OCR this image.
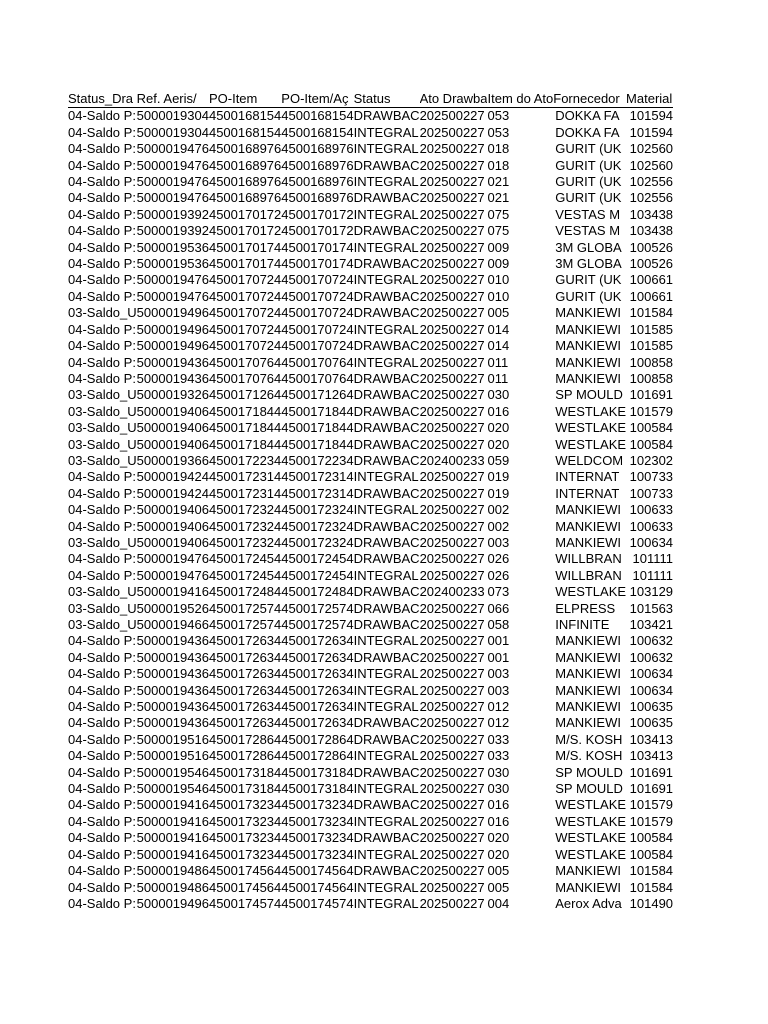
Status_Dra	Ref. Aeris/	PO-Item	PO-Item/Aç	Status	Ato Drawba	Item do Ato	Fornecedor	Material
04-Saldo P:	5000019304	4500168154	4500168154	DRAWBAC	202500227	053	DOKKA FA	101594
04-Saldo P:	5000019304	4500168154	4500168154	INTEGRAL	202500227	053	DOKKA FA	101594
04-Saldo P:	5000019476	4500168976	4500168976	INTEGRAL	202500227	018	GURIT (UK	102560
04-Saldo P:	5000019476	4500168976	4500168976	DRAWBAC	202500227	018	GURIT (UK	102560
04-Saldo P:	5000019476	4500168976	4500168976	INTEGRAL	202500227	021	GURIT (UK	102556
04-Saldo P:	5000019476	4500168976	4500168976	DRAWBAC	202500227	021	GURIT (UK	102556
04-Saldo P:	5000019392	4500170172	4500170172	INTEGRAL	202500227	075	VESTAS M	103438
04-Saldo P:	5000019392	4500170172	4500170172	DRAWBAC	202500227	075	VESTAS M	103438
04-Saldo P:	5000019536	4500170174	4500170174	INTEGRAL	202500227	009	3M GLOBA	100526
04-Saldo P:	5000019536	4500170174	4500170174	DRAWBAC	202500227	009	3M GLOBA	100526
04-Saldo P:	5000019476	4500170724	4500170724	INTEGRAL	202500227	010	GURIT (UK	100661
04-Saldo P:	5000019476	4500170724	4500170724	DRAWBAC	202500227	010	GURIT (UK	100661
03-Saldo_U	5000019496	4500170724	4500170724	DRAWBAC	202500227	005	MANKIEWI	101584
04-Saldo P:	5000019496	4500170724	4500170724	INTEGRAL	202500227	014	MANKIEWI	101585
04-Saldo P:	5000019496	4500170724	4500170724	DRAWBAC	202500227	014	MANKIEWI	101585
04-Saldo P:	5000019436	4500170764	4500170764	INTEGRAL	202500227	011	MANKIEWI	100858
04-Saldo P:	5000019436	4500170764	4500170764	DRAWBAC	202500227	011	MANKIEWI	100858
03-Saldo_U	5000019326	4500171264	4500171264	DRAWBAC	202500227	030	SP MOULD	101691
03-Saldo_U	5000019406	4500171844	4500171844	DRAWBAC	202500227	016	WESTLAKE	101579
03-Saldo_U	5000019406	4500171844	4500171844	DRAWBAC	202500227	020	WESTLAKE	100584
03-Saldo_U	5000019406	4500171844	4500171844	DRAWBAC	202500227	020	WESTLAKE	100584
03-Saldo_U	5000019366	4500172234	4500172234	DRAWBAC	202400233	059	WELDCOM	102302
04-Saldo P:	5000019424	4500172314	4500172314	INTEGRAL	202500227	019	INTERNAT	100733
04-Saldo P:	5000019424	4500172314	4500172314	DRAWBAC	202500227	019	INTERNAT	100733
04-Saldo P:	5000019406	4500172324	4500172324	INTEGRAL	202500227	002	MANKIEWI	100633
04-Saldo P:	5000019406	4500172324	4500172324	DRAWBAC	202500227	002	MANKIEWI	100633
03-Saldo_U	5000019406	4500172324	4500172324	DRAWBAC	202500227	003	MANKIEWI	100634
04-Saldo P:	5000019476	4500172454	4500172454	DRAWBAC	202500227	026	WILLBRAN	101111
04-Saldo P:	5000019476	4500172454	4500172454	INTEGRAL	202500227	026	WILLBRAN	101111
03-Saldo_U	5000019416	4500172484	4500172484	DRAWBAC	202400233	073	WESTLAKE	103129
03-Saldo_U	5000019526	4500172574	4500172574	DRAWBAC	202500227	066	ELPRESS	101563
03-Saldo_U	5000019466	4500172574	4500172574	DRAWBAC	202500227	058	INFINITE	103421
04-Saldo P:	5000019436	4500172634	4500172634	INTEGRAL	202500227	001	MANKIEWI	100632
04-Saldo P:	5000019436	4500172634	4500172634	DRAWBAC	202500227	001	MANKIEWI	100632
04-Saldo P:	5000019436	4500172634	4500172634	INTEGRAL	202500227	003	MANKIEWI	100634
04-Saldo P:	5000019436	4500172634	4500172634	INTEGRAL	202500227	003	MANKIEWI	100634
04-Saldo P:	5000019436	4500172634	4500172634	INTEGRAL	202500227	012	MANKIEWI	100635
04-Saldo P:	5000019436	4500172634	4500172634	DRAWBAC	202500227	012	MANKIEWI	100635
04-Saldo P:	5000019516	4500172864	4500172864	DRAWBAC	202500227	033	M/S. KOSH	103413
04-Saldo P:	5000019516	4500172864	4500172864	INTEGRAL	202500227	033	M/S. KOSH	103413
04-Saldo P:	5000019546	4500173184	4500173184	DRAWBAC	202500227	030	SP MOULD	101691
04-Saldo P:	5000019546	4500173184	4500173184	INTEGRAL	202500227	030	SP MOULD	101691
04-Saldo P:	5000019416	4500173234	4500173234	DRAWBAC	202500227	016	WESTLAKE	101579
04-Saldo P:	5000019416	4500173234	4500173234	INTEGRAL	202500227	016	WESTLAKE	101579
04-Saldo P:	5000019416	4500173234	4500173234	DRAWBAC	202500227	020	WESTLAKE	100584
04-Saldo P:	5000019416	4500173234	4500173234	INTEGRAL	202500227	020	WESTLAKE	100584
04-Saldo P:	5000019486	4500174564	4500174564	DRAWBAC	202500227	005	MANKIEWI	101584
04-Saldo P:	5000019486	4500174564	4500174564	INTEGRAL	202500227	005	MANKIEWI	101584
04-Saldo P:	5000019496	4500174574	4500174574	INTEGRAL	202500227	004	Aerox Adva	101490
